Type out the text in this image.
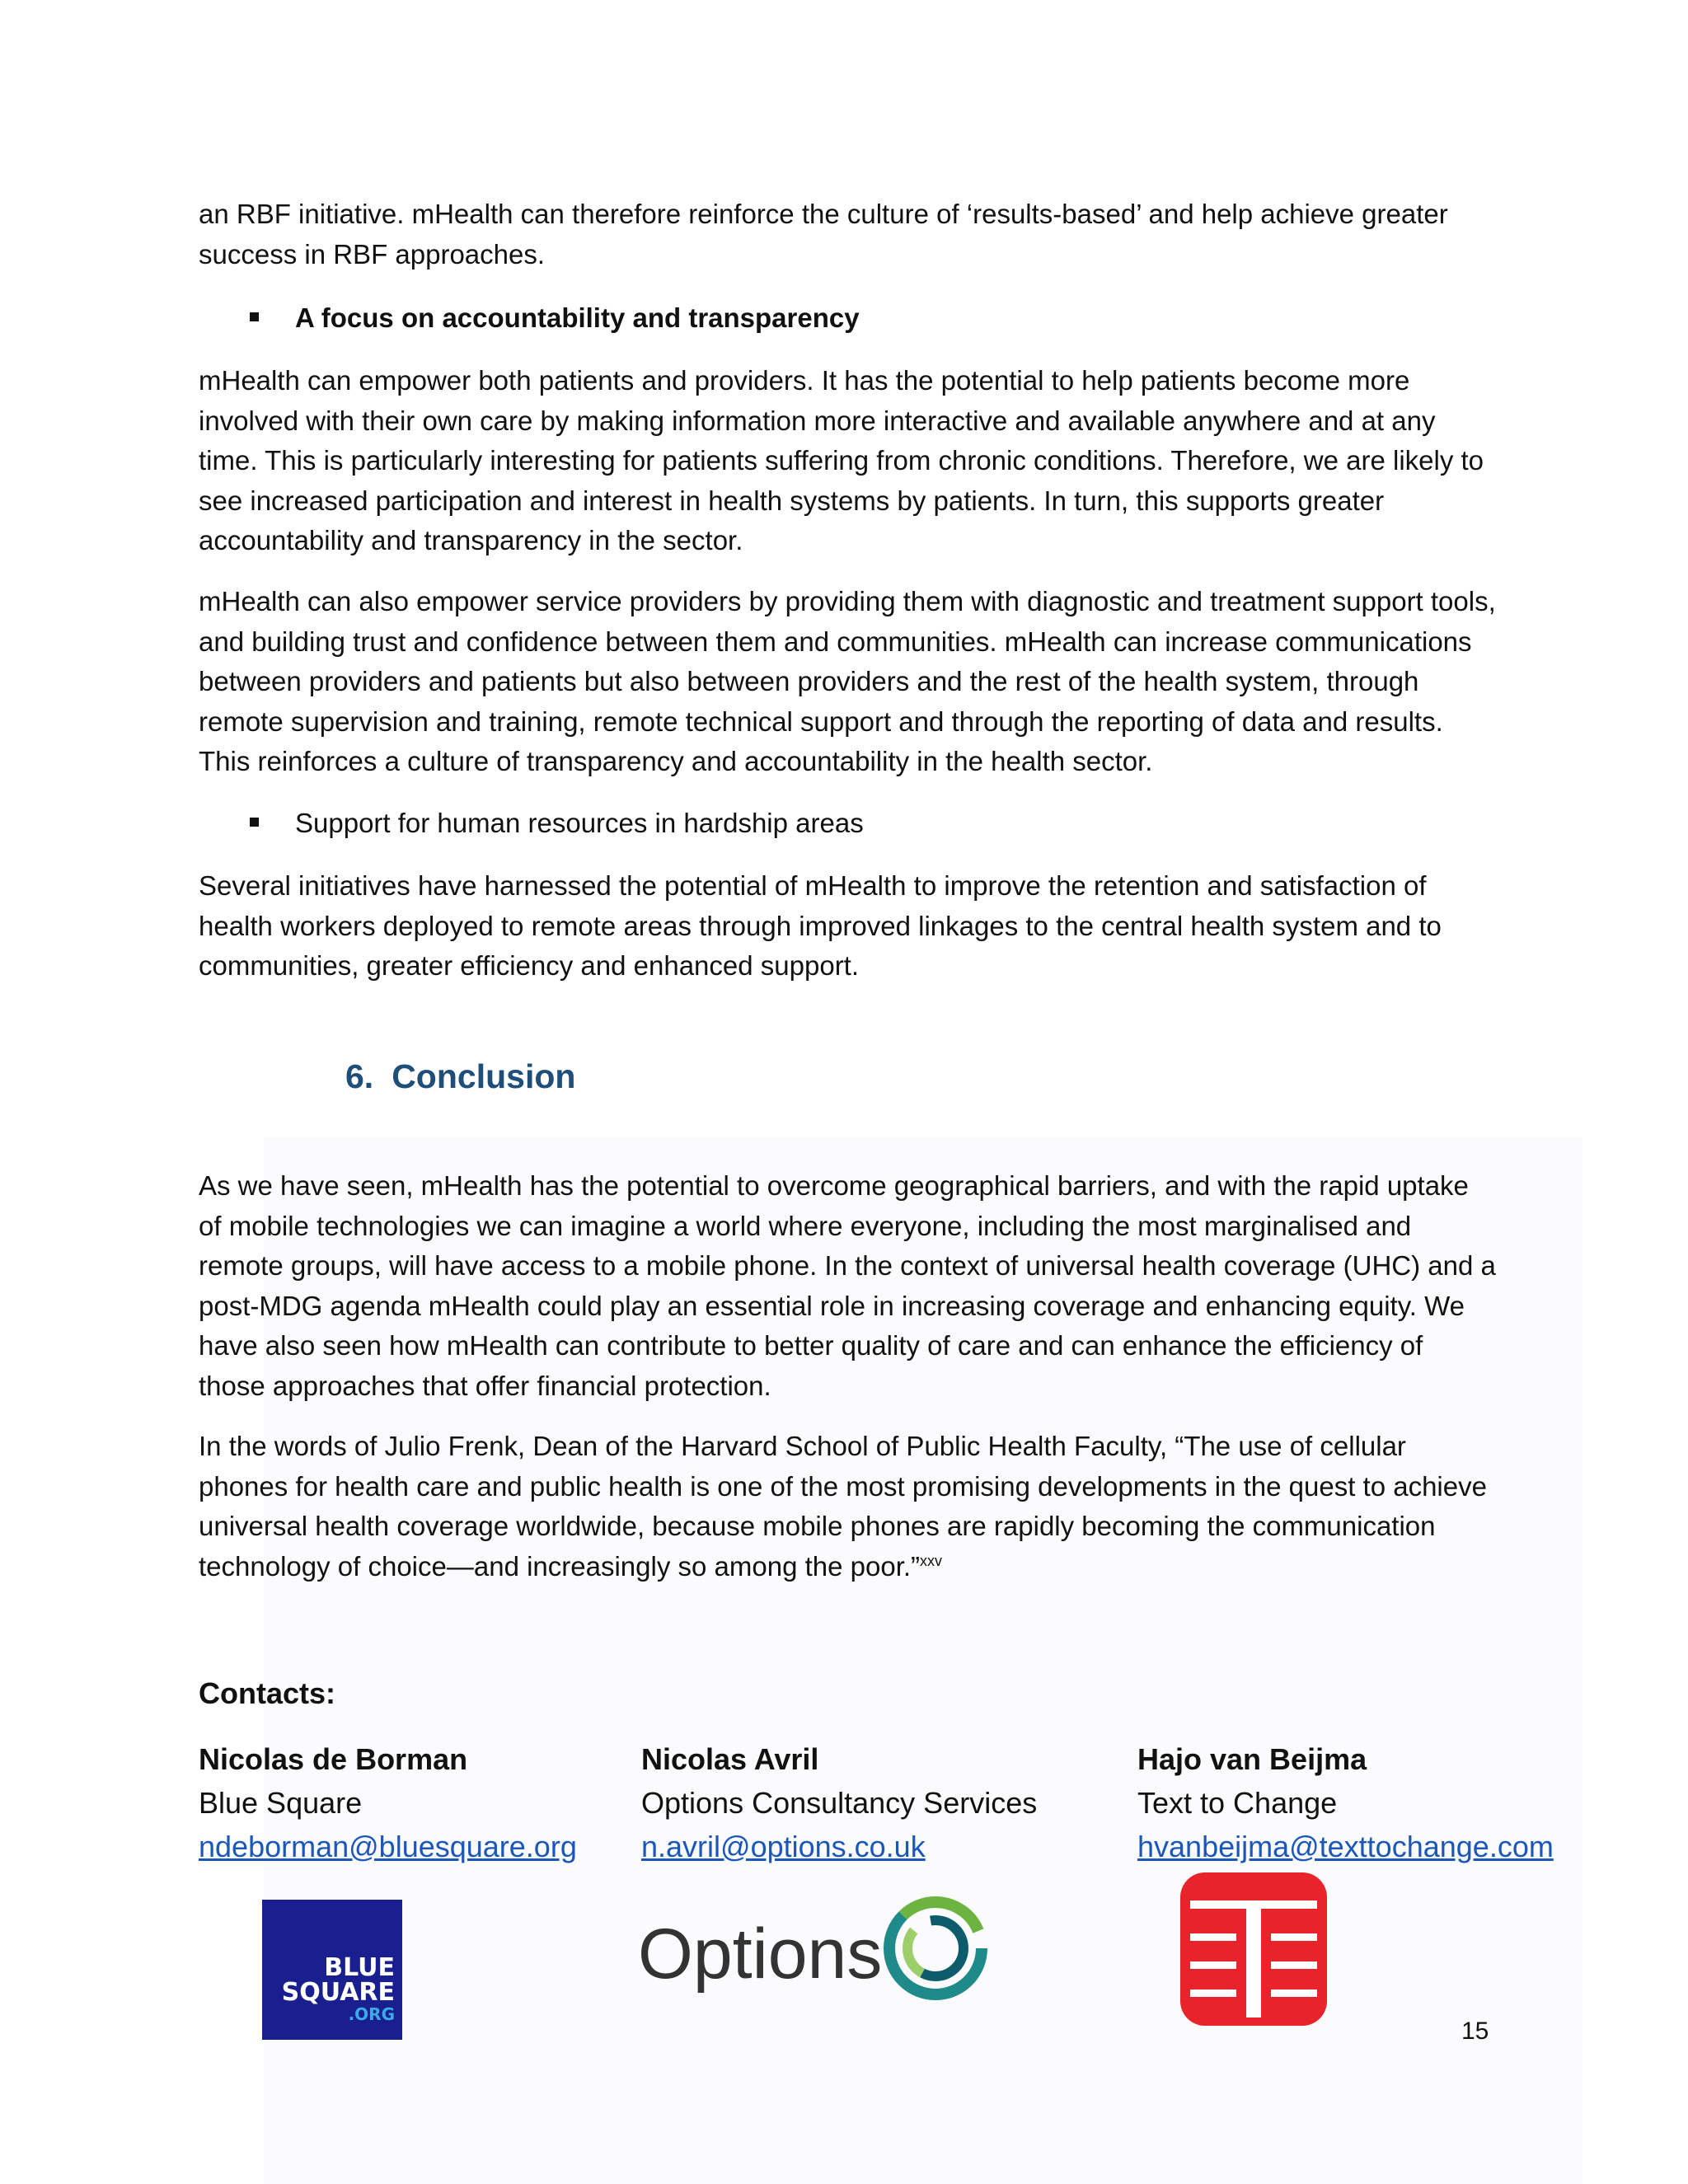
an RBF initiative. mHealth can therefore reinforce the culture of ‘results-based’ and help achieve greater success in RBF approaches.

A focus on accountability and transparency

mHealth can empower both patients and providers. It has the potential to help patients become more involved with their own care by making information more interactive and available anywhere and at any time. This is particularly interesting for patients suffering from chronic conditions. Therefore, we are likely to see increased participation and interest in health systems by patients. In turn, this supports greater accountability and transparency in the sector.

mHealth can also empower service providers by providing them with diagnostic and treatment support tools, and building trust and confidence between them and communities. mHealth can increase communications between providers and patients but also between providers and the rest of the health system, through remote supervision and training, remote technical support and through the reporting of data and results. This reinforces a culture of transparency and accountability in the health sector.

Support for human resources in hardship areas

Several initiatives have harnessed the potential of mHealth to improve the retention and satisfaction of health workers deployed to remote areas through improved linkages to the central health system and to communities, greater efficiency and enhanced support.

6. Conclusion

As we have seen, mHealth has the potential to overcome geographical barriers, and with the rapid uptake of mobile technologies we can imagine a world where everyone, including the most marginalised and remote groups, will have access to a mobile phone. In the context of universal health coverage (UHC) and a post-MDG agenda mHealth could play an essential role in increasing coverage and enhancing equity. We have also seen how mHealth can contribute to better quality of care and can enhance the efficiency of those approaches that offer financial protection.

In the words of Julio Frenk, Dean of the Harvard School of Public Health Faculty, “The use of cellular phones for health care and public health is one of the most promising developments in the quest to achieve universal health coverage worldwide, because mobile phones are rapidly becoming the communication technology of choice—and increasingly so among the poor.”$^{xxv}$

Contacts:

Nicolas de Borman
Blue Square
ndeborman@bluesquare.org
Nicolas Avril
Options Consultancy Services
n.avril@options.co.uk
Hajo van Beijma
Text to Change
hvanbeijma@texttochange.com
BLUE
SQUARE
.ORG
Options
15
